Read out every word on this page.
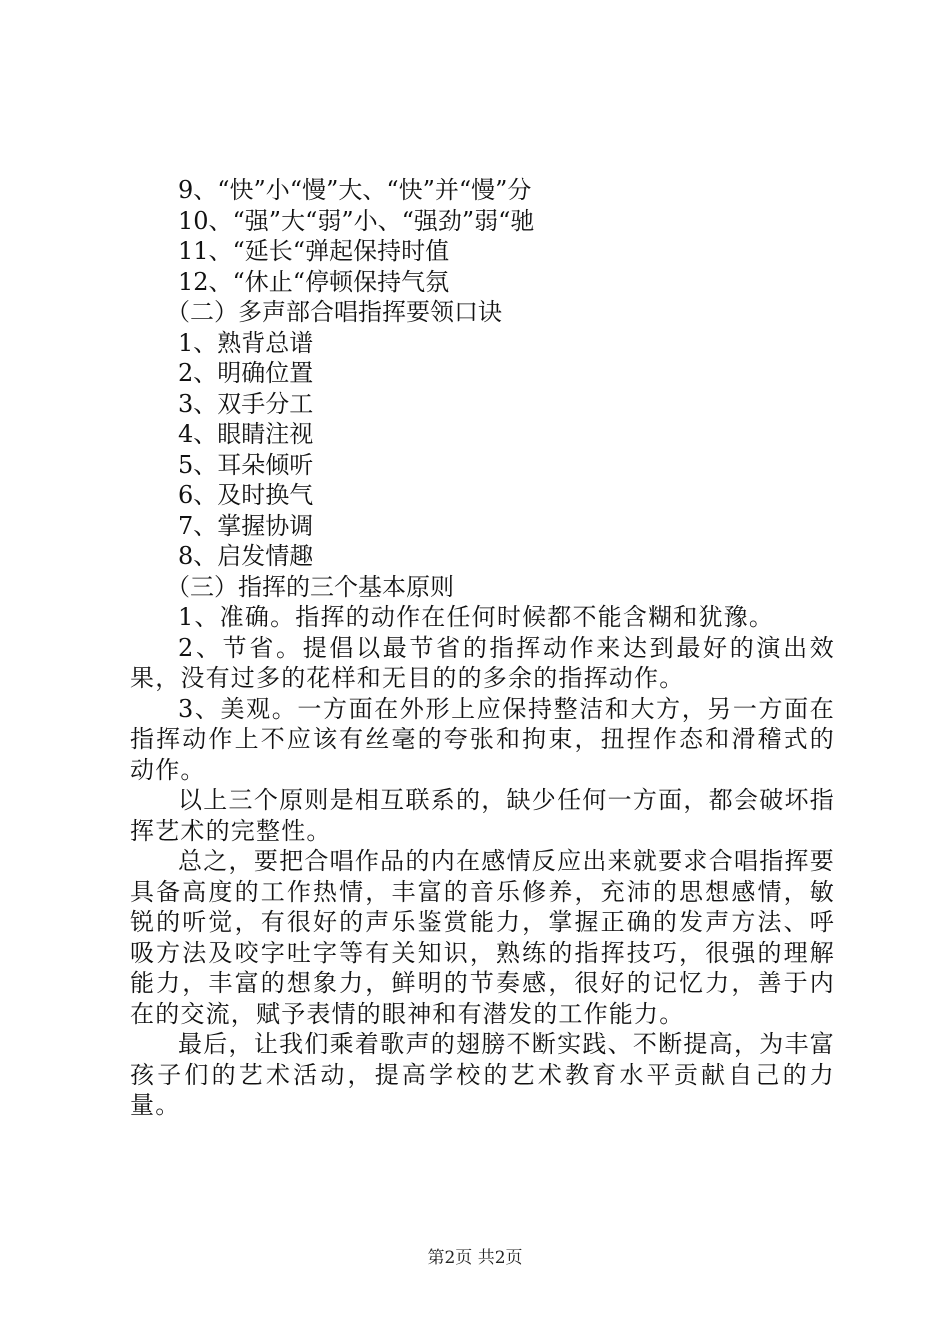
9、“快”小“慢”大、“快”并“慢”分

10、“强”大“弱”小、“强劲”弱“驰

11、“延长“弹起保持时值

12、“休止“停顿保持气氛

（二）多声部合唱指挥要领口诀

1、熟背总谱

2、明确位置

3、双手分工

4、眼睛注视

5、耳朵倾听

6、及时换气

7、掌握协调

8、启发情趣

（三）指挥的三个基本原则

1、准确。指挥的动作在任何时候都不能含糊和犹豫。

2、节省。提倡以最节省的指挥动作来达到最好的演出效果，没有过多的花样和无目的的多余的指挥动作。

3、美观。一方面在外形上应保持整洁和大方，另一方面在指挥动作上不应该有丝毫的夸张和拘束，扭捏作态和滑稽式的动作。

以上三个原则是相互联系的，缺少任何一方面，都会破坏指挥艺术的完整性。

总之，要把合唱作品的内在感情反应出来就要求合唱指挥要具备高度的工作热情，丰富的音乐修养，充沛的思想感情，敏锐的听觉，有很好的声乐鉴赏能力，掌握正确的发声方法、呼吸方法及咬字吐字等有关知识，熟练的指挥技巧，很强的理解能力，丰富的想象力，鲜明的节奏感，很好的记忆力，善于内在的交流，赋予表情的眼神和有潜发的工作能力。

最后，让我们乘着歌声的翅膀不断实践、不断提高，为丰富孩子们的艺术活动，提高学校的艺术教育水平贡献自己的力量。

第2页 共2页
